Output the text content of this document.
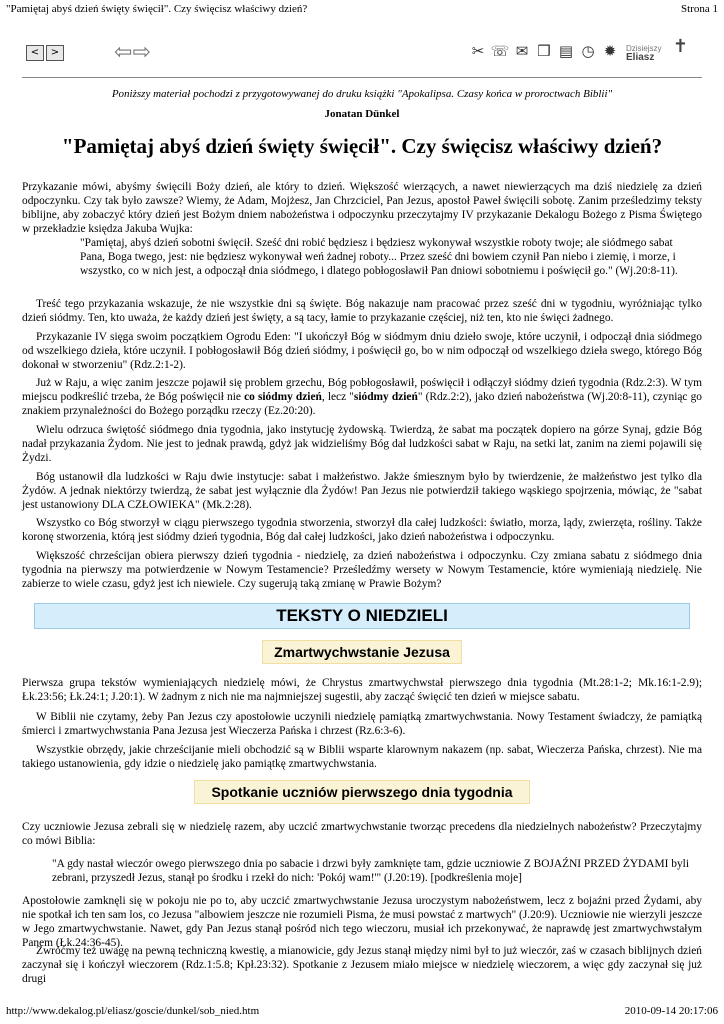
"Pamiętaj abyś dzień święty święcił". Czy święcisz właściwy dzień?	Strona 1
<	> ⇦ ⇨	✂ ☏ ✉ ❒ ▤ ◷ ✹	Dzisiejszy
Eliasz
✝
Poniższy materiał pochodzi z przygotowywanej do druku książki "Apokalipsa. Czasy końca w proroctwach Biblii"
Jonatan Dünkel
"Pamiętaj abyś dzień święty święcił". Czy święcisz właściwy dzień?

Przykazanie mówi, abyśmy święcili Boży dzień, ale który to dzień. Większość wierzących, a nawet niewierzących ma dziś niedzielę za dzień odpoczynku. Czy tak było zawsze? Wiemy, że Adam, Mojżesz, Jan Chrzciciel, Pan Jezus, apostoł Paweł święcili sobotę. Zanim prześledzimy teksty biblijne, aby zobaczyć który dzień jest Bożym dniem nabożeństwa i odpoczynku przeczytajmy IV przykazanie Dekalogu Bożego z Pisma Świętego w przekładzie księdza Jakuba Wujka:

"Pamiętaj, abyś dzień sobotni święcił. Sześć dni robić będziesz i będziesz wykonywał wszystkie roboty twoje; ale siódmego sabat Pana, Boga twego, jest: nie będziesz wykonywał weń żadnej roboty... Przez sześć dni bowiem czynił Pan niebo i ziemię, i morze, i wszystko, co w nich jest, a odpoczął dnia siódmego, i dlatego pobłogosławił Pan dniowi sobotniemu i poświęcił go." (Wj.20:8-11).

Treść tego przykazania wskazuje, że nie wszystkie dni są święte. Bóg nakazuje nam pracować przez sześć dni w tygodniu, wyróżniając tylko dzień siódmy. Ten, kto uważa, że każdy dzień jest święty, a są tacy, łamie to przykazanie częściej, niż ten, kto nie święci żadnego.

Przykazanie IV sięga swoim początkiem Ogrodu Eden: "I ukończył Bóg w siódmym dniu dzieło swoje, które uczynił, i odpoczął dnia siódmego od wszelkiego dzieła, które uczynił. I pobłogosławił Bóg dzień siódmy, i poświęcił go, bo w nim odpoczął od wszelkiego dzieła swego, którego Bóg dokonał w stworzeniu" (Rdz.2:1-2).

Już w Raju, a więc zanim jeszcze pojawił się problem grzechu, Bóg pobłogosławił, poświęcił i odłączył siódmy dzień tygodnia (Rdz.2:3). W tym miejscu podkreślić trzeba, że Bóg poświęcił nie co siódmy dzień, lecz "siódmy dzień" (Rdz.2:2), jako dzień nabożeństwa (Wj.20:8-11), czyniąc go znakiem przynależności do Bożego porządku rzeczy (Ez.20:20).

Wielu odrzuca świętość siódmego dnia tygodnia, jako instytucję żydowską. Twierdzą, że sabat ma początek dopiero na górze Synaj, gdzie Bóg nadał przykazania Żydom. Nie jest to jednak prawdą, gdyż jak widzieliśmy Bóg dał ludzkości sabat w Raju, na setki lat, zanim na ziemi pojawili się Żydzi.

Bóg ustanowił dla ludzkości w Raju dwie instytucje: sabat i małżeństwo. Jakże śmiesznym było by twierdzenie, że małżeństwo jest tylko dla Żydów. A jednak niektórzy twierdzą, że sabat jest wyłącznie dla Żydów! Pan Jezus nie potwierdził takiego wąskiego spojrzenia, mówiąc, że "sabat jest ustanowiony DLA CZŁOWIEKA" (Mk.2:28).

Wszystko co Bóg stworzył w ciągu pierwszego tygodnia stworzenia, stworzył dla całej ludzkości: światło, morza, lądy, zwierzęta, rośliny. Także koronę stworzenia, którą jest siódmy dzień tygodnia, Bóg dał całej ludzkości, jako dzień nabożeństwa i odpoczynku.

Większość chrześcijan obiera pierwszy dzień tygodnia - niedzielę, za dzień nabożeństwa i odpoczynku. Czy zmiana sabatu z siódmego dnia tygodnia na pierwszy ma potwierdzenie w Nowym Testamencie? Prześledźmy wersety w Nowym Testamencie, które wymieniają niedzielę. Nie zabierze to wiele czasu, gdyż jest ich niewiele. Czy sugerują taką zmianę w Prawie Bożym?

TEKSTY O NIEDZIELI
Zmartwychwstanie Jezusa

Pierwsza grupa tekstów wymieniających niedzielę mówi, że Chrystus zmartwychwstał pierwszego dnia tygodnia (Mt.28:1-2; Mk.16:1-2.9); Łk.23:56; Łk.24:1; J.20:1). W żadnym z nich nie ma najmniejszej sugestii, aby zacząć święcić ten dzień w miejsce sabatu.

W Biblii nie czytamy, żeby Pan Jezus czy apostołowie uczynili niedzielę pamiątką zmartwychwstania. Nowy Testament świadczy, że pamiątką śmierci i zmartwychwstania Pana Jezusa jest Wieczerza Pańska i chrzest (Rz.6:3-6).

Wszystkie obrzędy, jakie chrześcijanie mieli obchodzić są w Biblii wsparte klarownym nakazem (np. sabat, Wieczerza Pańska, chrzest). Nie ma takiego ustanowienia, gdy idzie o niedzielę jako pamiątkę zmartwychwstania.

Spotkanie uczniów pierwszego dnia tygodnia

Czy uczniowie Jezusa zebrali się w niedzielę razem, aby uczcić zmartwychwstanie tworząc precedens dla niedzielnych nabożeństw? Przeczytajmy co mówi Biblia:

"A gdy nastał wieczór owego pierwszego dnia po sabacie i drzwi były zamknięte tam, gdzie uczniowie Z BOJAŹNI PRZED ŻYDAMI byli zebrani, przyszedł Jezus, stanął po środku i rzekł do nich: 'Pokój wam!'" (J.20:19). [podkreślenia moje]

Apostołowie zamknęli się w pokoju nie po to, aby uczcić zmartwychwstanie Jezusa uroczystym nabożeństwem, lecz z bojaźni przed Żydami, aby nie spotkał ich ten sam los, co Jezusa "albowiem jeszcze nie rozumieli Pisma, że musi powstać z martwych" (J.20:9). Uczniowie nie wierzyli jeszcze w Jego zmartwychwstanie. Nawet, gdy Pan Jezus stanął pośród nich tego wieczoru, musiał ich przekonywać, że naprawdę jest zmartwychwstałym Panem (Łk.24:36-45).

Zwróćmy też uwagę na pewną techniczną kwestię, a mianowicie, gdy Jezus stanął między nimi był to już wieczór, zaś w czasach biblijnych dzień zaczynał się i kończył wieczorem (Rdz.1:5.8; Kpł.23:32). Spotkanie z Jezusem miało miejsce w niedzielę wieczorem, a więc gdy zaczynał się już drugi

http://www.dekalog.pl/eliasz/goscie/dunkel/sob_nied.htm	2010-09-14 20:17:06
